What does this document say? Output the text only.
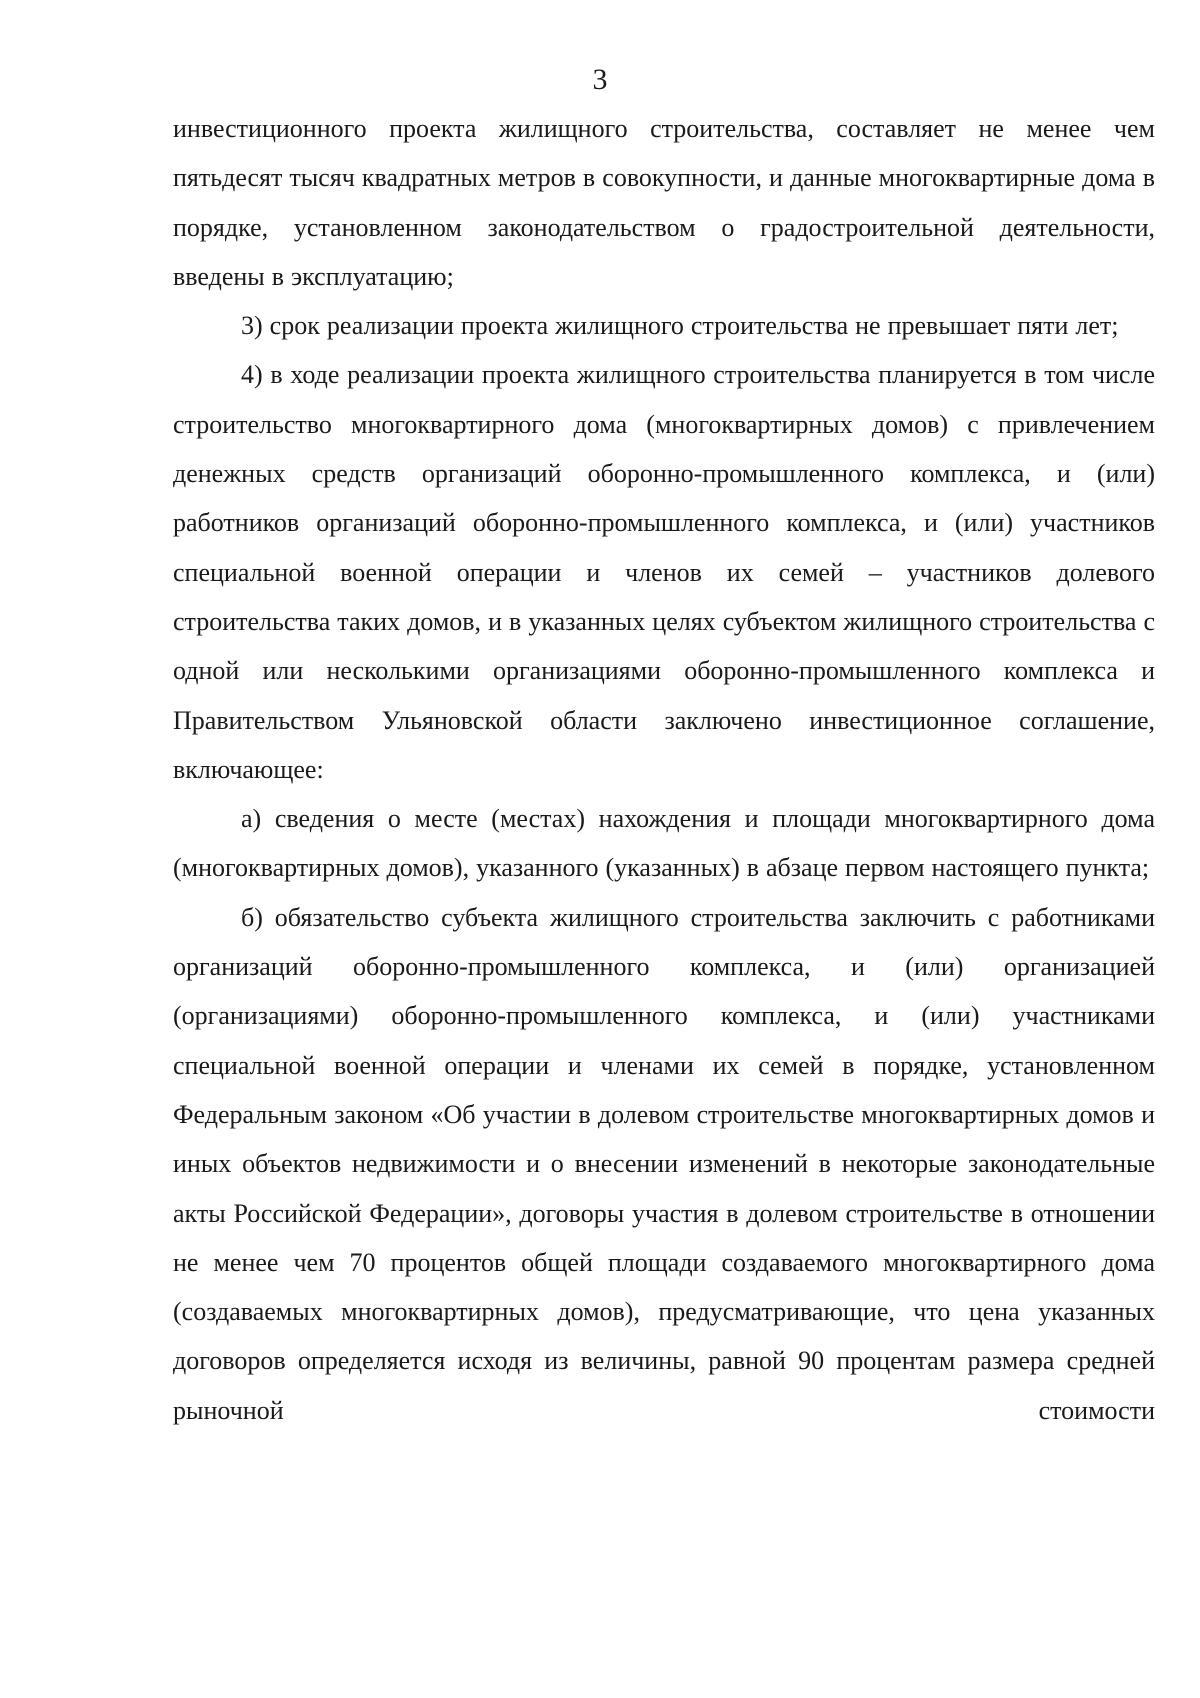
3

инвестиционного проекта жилищного строительства, составляет не менее чем пятьдесят тысяч квадратных метров в совокупности, и данные многоквартирные дома в порядке, установленном законодательством о градостроительной деятельности, введены в эксплуатацию;

3) срок реализации проекта жилищного строительства не превышает пяти лет;

4) в ходе реализации проекта жилищного строительства планируется в том числе строительство многоквартирного дома (многоквартирных домов) с привлечением денежных средств организаций оборонно-промышленного комплекса, и (или) работников организаций оборонно-промышленного комплекса, и (или) участников специальной военной операции и членов их семей – участников долевого строительства таких домов, и в указанных целях субъектом жилищного строительства с одной или несколькими организациями оборонно-промышленного комплекса и Правительством Ульяновской области заключено инвестиционное соглашение, включающее:

а) сведения о месте (местах) нахождения и площади многоквартирного дома (многоквартирных домов), указанного (указанных) в абзаце первом настоящего пункта;

б) обязательство субъекта жилищного строительства заключить с работниками организаций оборонно-промышленного комплекса, и (или) организацией (организациями) оборонно-промышленного комплекса, и (или) участниками специальной военной операции и членами их семей в порядке, установленном Федеральным законом «Об участии в долевом строительстве многоквартирных домов и иных объектов недвижимости и о внесении изменений в некоторые законодательные акты Российской Федерации», договоры участия в долевом строительстве в отношении не менее чем 70 процентов общей площади создаваемого многоквартирного дома (создаваемых многоквартирных домов), предусматривающие, что цена указанных договоров определяется исходя из величины, равной 90 процентам размера средней рыночной стоимости
